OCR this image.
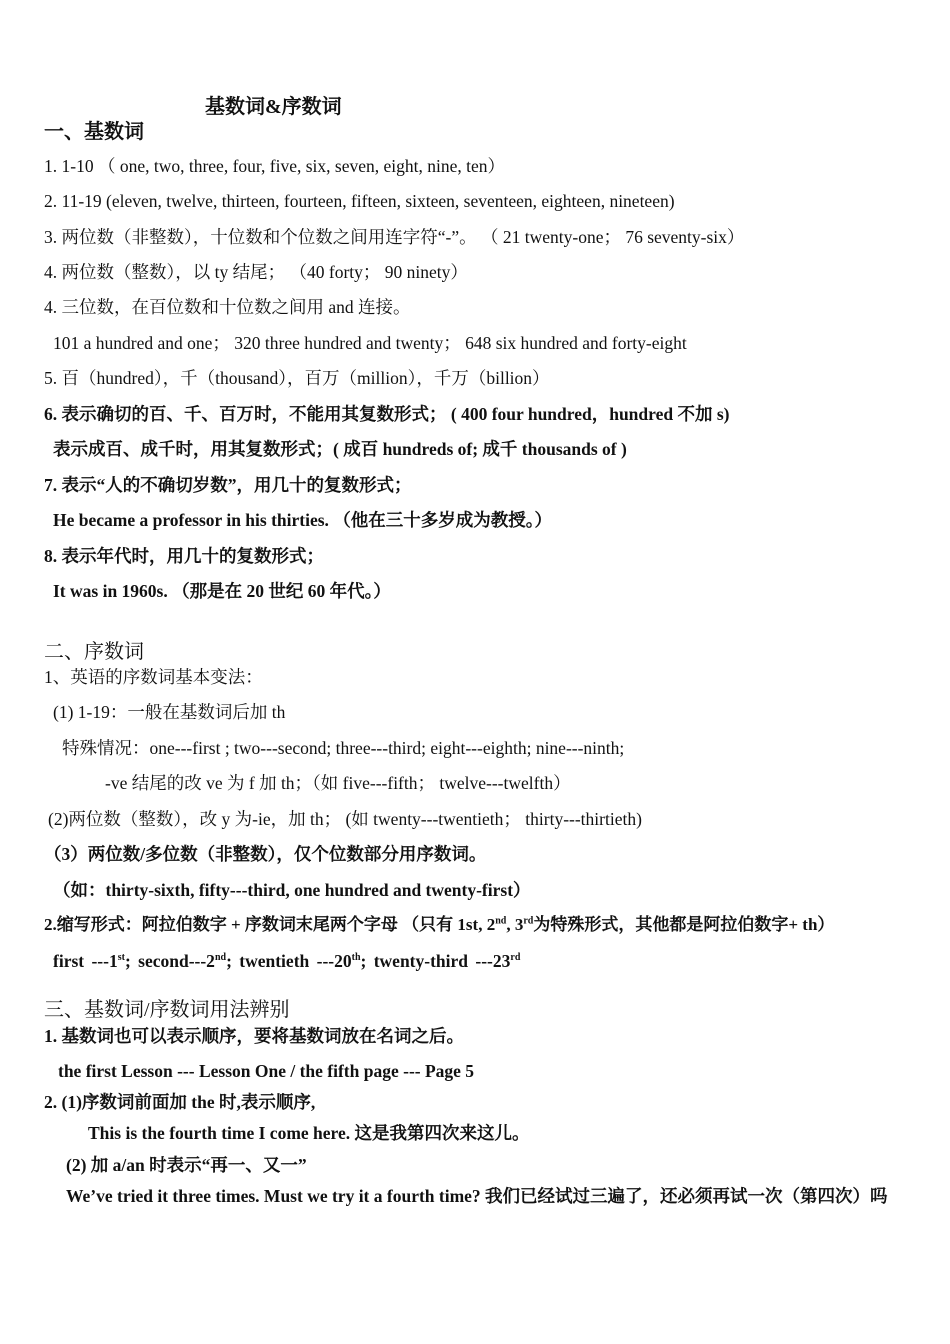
基数词&序数词
一、基数词
1. 1-10 （ one, two, three, four, five, six, seven, eight, nine, ten）
2. 11-19 (eleven, twelve, thirteen, fourteen, fifteen, sixteen, seventeen, eighteen, nineteen)
3. 两位数（非整数），十位数和个位数之间用连字符“-”。 （ 21 twenty-one； 76 seventy-six）
4. 两位数（整数），以 ty 结尾； （40 forty； 90 ninety）
4. 三位数，在百位数和十位数之间用 and 连接。
101 a hundred and one； 320 three hundred and twenty； 648 six hundred and forty-eight
5. 百（hundred），千（thousand），百万（million），千万（billion）
6. 表示确切的百、千、百万时，不能用其复数形式； ( 400 four hundred，hundred 不加 s)
表示成百、成千时，用其复数形式；( 成百 hundreds of; 成千 thousands of )
7. 表示“人的不确切岁数”，用几十的复数形式；
He became a professor in his thirties. （他在三十多岁成为教授。）
8. 表示年代时，用几十的复数形式；
It was in 1960s. （那是在 20 世纪 60 年代。）
二、序数词
1、英语的序数词基本变法：
(1) 1-19：一般在基数词后加 th
特殊情况：one---first ; two---second; three---third; eight---eighth; nine---ninth;
-ve 结尾的改 ve 为 f 加 th；（如 five---fifth； twelve---twelfth）
(2)两位数（整数），改 y 为-ie，加 th； (如 twenty---twentieth； thirty---thirtieth)
（3）两位数/多位数（非整数），仅个位数部分用序数词。
（如：thirty-sixth, fifty---third, one hundred and twenty-first）
2.缩写形式：阿拉伯数字 + 序数词末尾两个字母 （只有 1st, 2nd, 3rd为特殊形式，其他都是阿拉伯数字+ th）
first ---1st; second---2nd; twentieth ---20th; twenty-third ---23rd
三、基数词/序数词用法辨别
1. 基数词也可以表示顺序，要将基数词放在名词之后。
the first Lesson --- Lesson One / the fifth page --- Page 5
2. (1)序数词前面加 the 时,表示顺序,
This is the fourth time I come here. 这是我第四次来这儿。
(2) 加 a/an 时表示“再一、又一”
We’ve tried it three times. Must we try it a fourth time? 我们已经试过三遍了，还必须再试一次（第四次）吗
